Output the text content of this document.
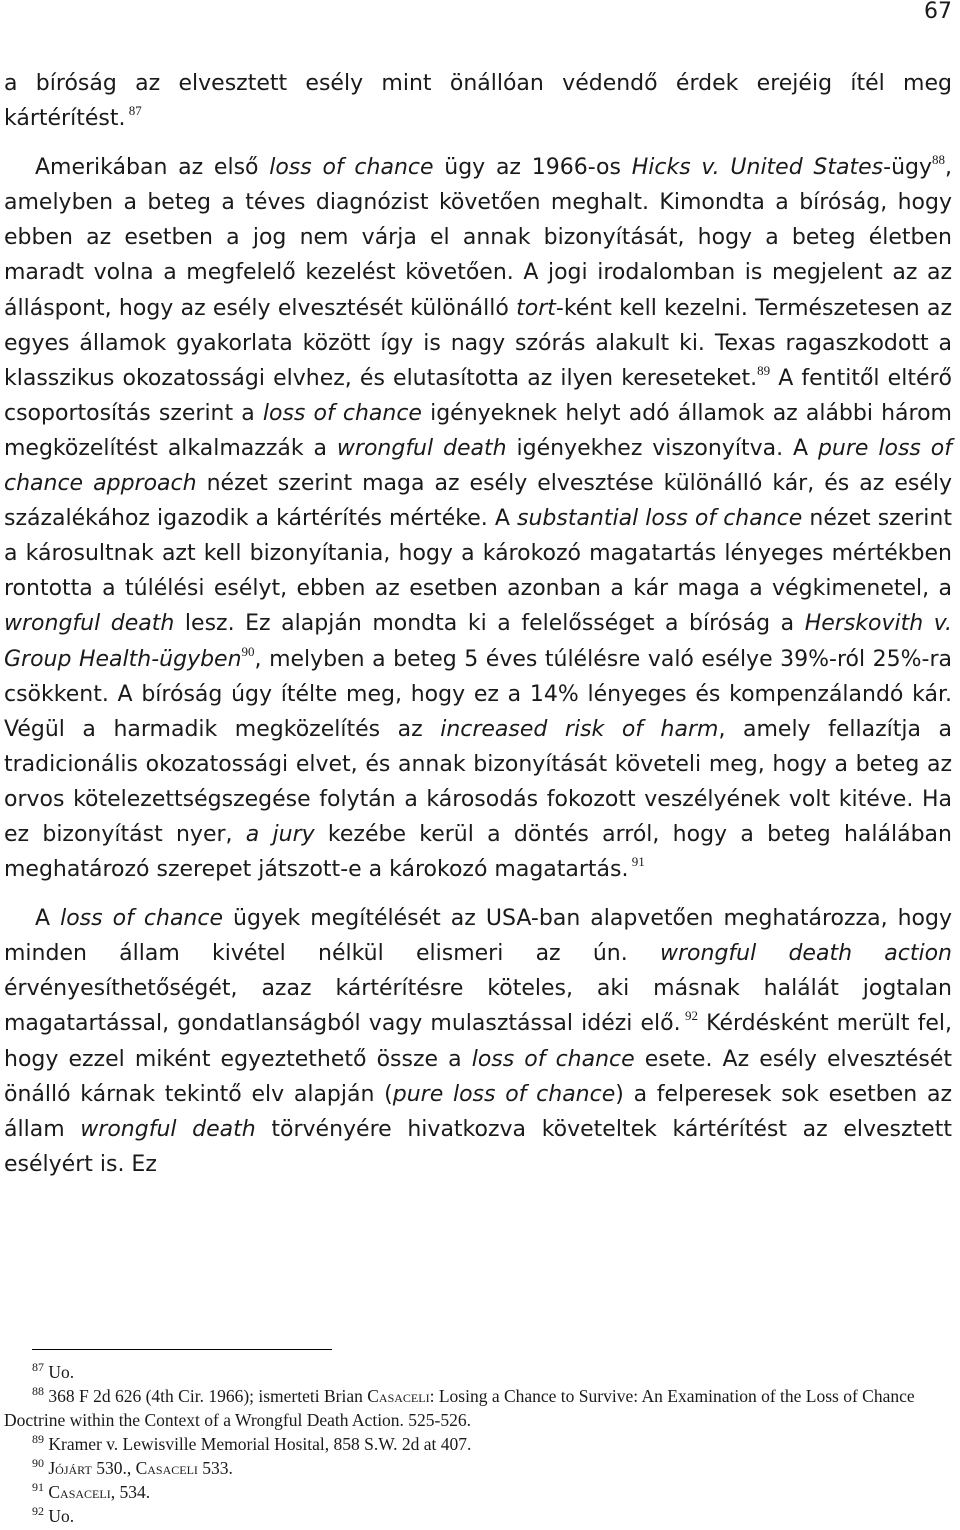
67

a bíróság az elvesztett esély mint önállóan védendő érdek erejéig ítél meg kártérítést. $^{87}$

Amerikában az első loss of chance ügy az 1966-os Hicks v. United States-ügy$^{88}$, amelyben a beteg a téves diagnózist követően meghalt. Kimondta a bíróság, hogy ebben az esetben a jog nem várja el annak bizonyítását, hogy a beteg életben maradt volna a megfelelő kezelést követően. A jogi irodalomban is megjelent az az álláspont, hogy az esély elvesztését különálló tort-ként kell kezelni. Természetesen az egyes államok gyakorlata között így is nagy szórás alakult ki. Texas ragaszkodott a klasszikus okozatossági elvhez, és elutasította az ilyen kereseteket.$^{89}$ A fentitől eltérő csoportosítás szerint a loss of chance igényeknek helyt adó államok az alábbi három megközelítést alkalmazzák a wrongful death igényekhez viszonyítva. A pure loss of chance approach nézet szerint maga az esély elvesztése különálló kár, és az esély százalékához igazodik a kártérítés mértéke. A substantial loss of chance nézet szerint a károsultnak azt kell bizonyítania, hogy a károkozó magatartás lényeges mértékben rontotta a túlélési esélyt, ebben az esetben azonban a kár maga a végkimenetel, a wrongful death lesz. Ez alapján mondta ki a felelősséget a bíróság a Herskovith v. Group Health-ügyben$^{90}$, melyben a beteg 5 éves túlélésre való esélye 39%-ról 25%-ra csökkent. A bíróság úgy ítélte meg, hogy ez a 14% lényeges és kompenzálandó kár. Végül a harmadik megközelítés az increased risk of harm, amely fellazítja a tradicionális okozatossági elvet, és annak bizonyítását követeli meg, hogy a beteg az orvos kötelezettségszegése folytán a károsodás fokozott veszélyének volt kitéve. Ha ez bizonyítást nyer, a jury kezébe kerül a döntés arról, hogy a beteg halálában meghatározó szerepet játszott-e a károkozó magatartás. $^{91}$

A loss of chance ügyek megítélését az USA-ban alapvetően meghatározza, hogy minden állam kivétel nélkül elismeri az ún. wrongful death action érvényesíthetőségét, azaz kártérítésre köteles, aki másnak halálát jogtalan magatartással, gondatlanságból vagy mulasztással idézi elő. $^{92}$ Kérdésként merült fel, hogy ezzel miként egyeztethető össze a loss of chance esete. Az esély elvesztését önálló kárnak tekintő elv alapján (pure loss of chance) a felperesek sok esetben az állam wrongful death törvényére hivatkozva követeltek kártérítést az elvesztett esélyért is. Ez

$^{87}$ Uo.

$^{88}$ 368 F 2d 626 (4th Cir. 1966); ismerteti Brian Casaceli: Losing a Chance to Survive: An Examination of the Loss of Chance Doctrine within the Context of a Wrongful Death Action. 525-526.

$^{89}$ Kramer v. Lewisville Memorial Hosital, 858 S.W. 2d at 407.

$^{90}$ Jójárt 530., Casaceli 533.

$^{91}$ Casaceli, 534.

$^{92}$ Uo.
